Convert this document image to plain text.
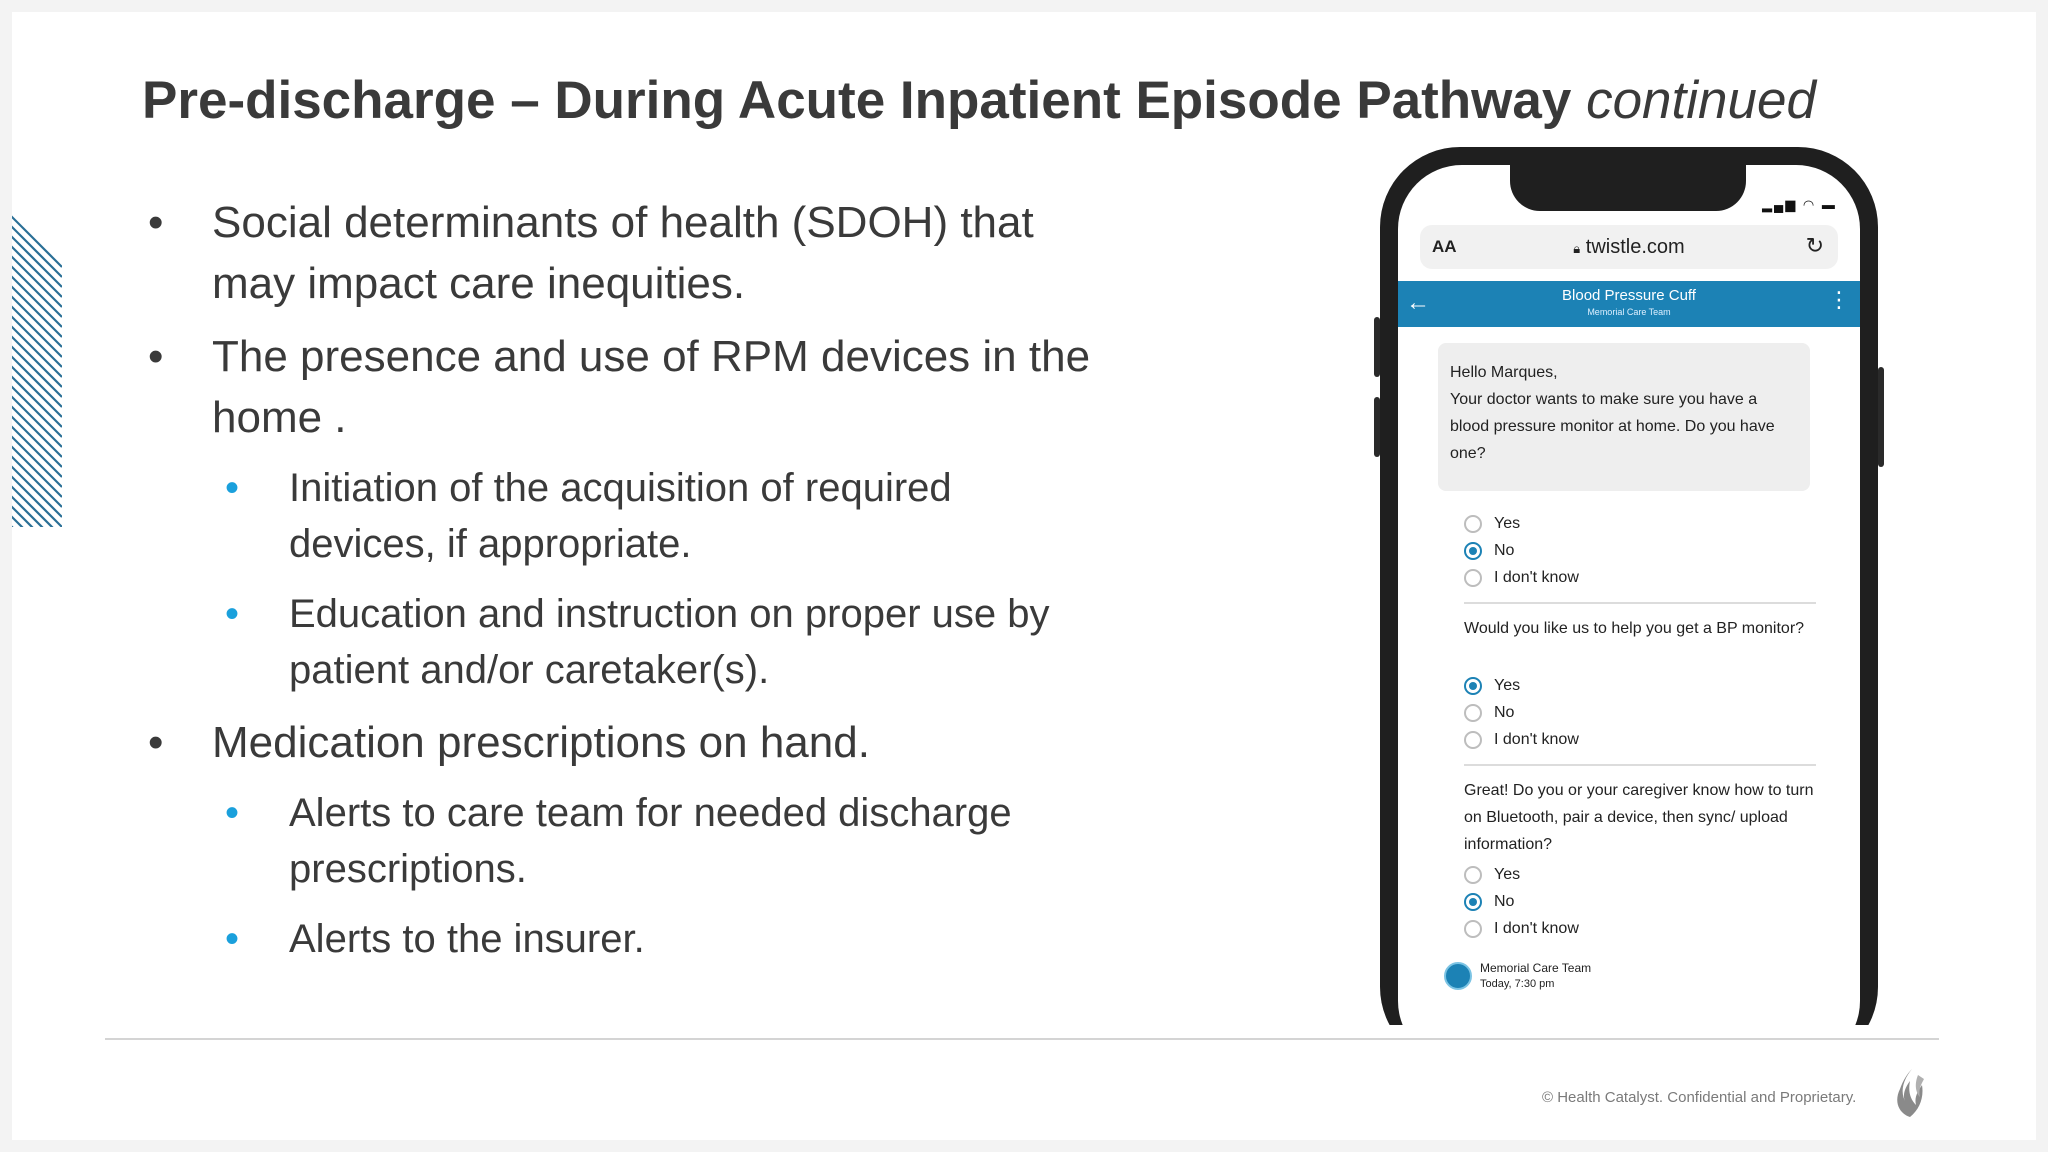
Pre-discharge – During Acute Inpatient Episode Pathway continued
• Social determinants of health (SDOH) that may impact care inequities.
• The presence and use of RPM devices in the home .
• Initiation of the acquisition of required devices, if appropriate.
• Education and instruction on proper use by patient and/or caretaker(s).
• Medication prescriptions on hand.
• Alerts to care team for needed discharge prescriptions.
• Alerts to the insurer.
▂▄▆ ◠ ▬
AA	🔒︎ twistle.com	↻
←	Blood Pressure Cuff
Memorial Care Team	⋮
Hello Marques,
Your doctor wants to make sure you have a blood pressure monitor at home. Do you have one?
Yes
No
I don't know
Would you like us to help you get a BP monitor?
Yes
No
I don't know
Great! Do you or your caregiver know how to turn on Bluetooth, pair a device, then sync/ upload information?
Yes
No
I don't know
Memorial Care Team
Today, 7:30 pm
© Health Catalyst. Confidential and Proprietary.
